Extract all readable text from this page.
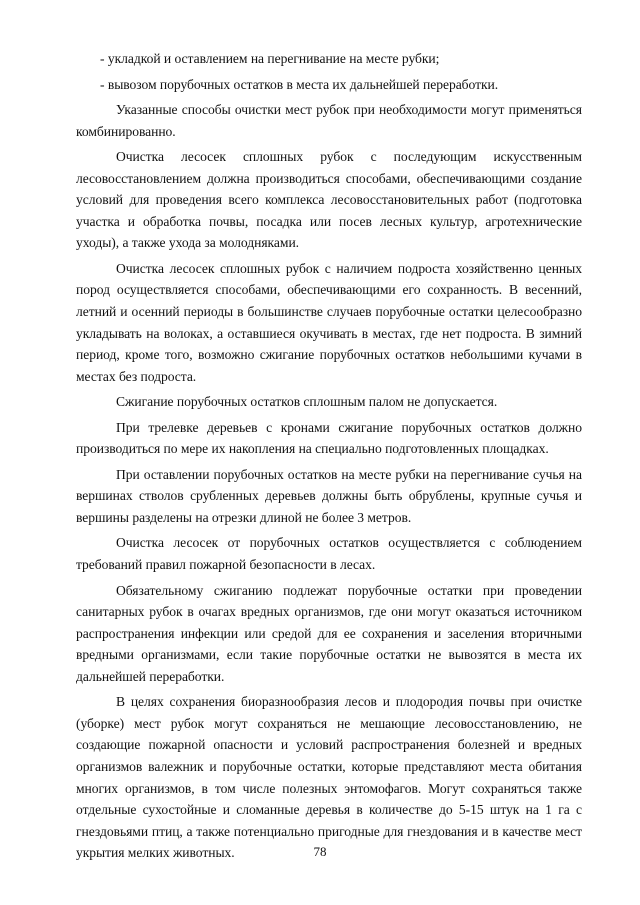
- укладкой и оставлением на перегнивание на месте рубки;

- вывозом порубочных остатков в места их дальнейшей переработки.

Указанные способы очистки мест рубок при необходимости могут применяться комбинированно.

Очистка лесосек сплошных рубок с последующим искусственным лесовосстановлением должна производиться способами, обеспечивающими создание условий для проведения всего комплекса лесовосстановительных работ (подготовка участка и обработка почвы, посадка или посев лесных культур, агротехнические уходы), а также ухода за молодняками.

Очистка лесосек сплошных рубок с наличием подроста хозяйственно ценных пород осуществляется способами, обеспечивающими его сохранность. В весенний, летний и осенний периоды в большинстве случаев порубочные остатки целесообразно укладывать на волоках, а оставшиеся окучивать в местах, где нет подроста. В зимний период, кроме того, возможно сжигание порубочных остатков небольшими кучами в местах без подроста.

Сжигание порубочных остатков сплошным палом не допускается.

При трелевке деревьев с кронами сжигание порубочных остатков должно производиться по мере их накопления на специально подготовленных площадках.

При оставлении порубочных остатков на месте рубки на перегнивание сучья на вершинах стволов срубленных деревьев должны быть обрублены, крупные сучья и вершины разделены на отрезки длиной не более 3 метров.

Очистка лесосек от порубочных остатков осуществляется с соблюдением требований правил пожарной безопасности в лесах.

Обязательному сжиганию подлежат порубочные остатки при проведении санитарных рубок в очагах вредных организмов, где они могут оказаться источником распространения инфекции или средой для ее сохранения и заселения вторичными вредными организмами, если такие порубочные остатки не вывозятся в места их дальнейшей переработки.

В целях сохранения биоразнообразия лесов и плодородия почвы при очистке (уборке) мест рубок могут сохраняться не мешающие лесовосстановлению, не создающие пожарной опасности и условий распространения болезней и вредных организмов валежник и порубочные остатки, которые представляют места обитания многих организмов, в том числе полезных энтомофагов. Могут сохраняться также отдельные сухостойные и сломанные деревья в количестве до 5-15 штук на 1 га с гнездовьями птиц, а также потенциально пригодные для гнездования и в качестве мест укрытия мелких животных.	78
